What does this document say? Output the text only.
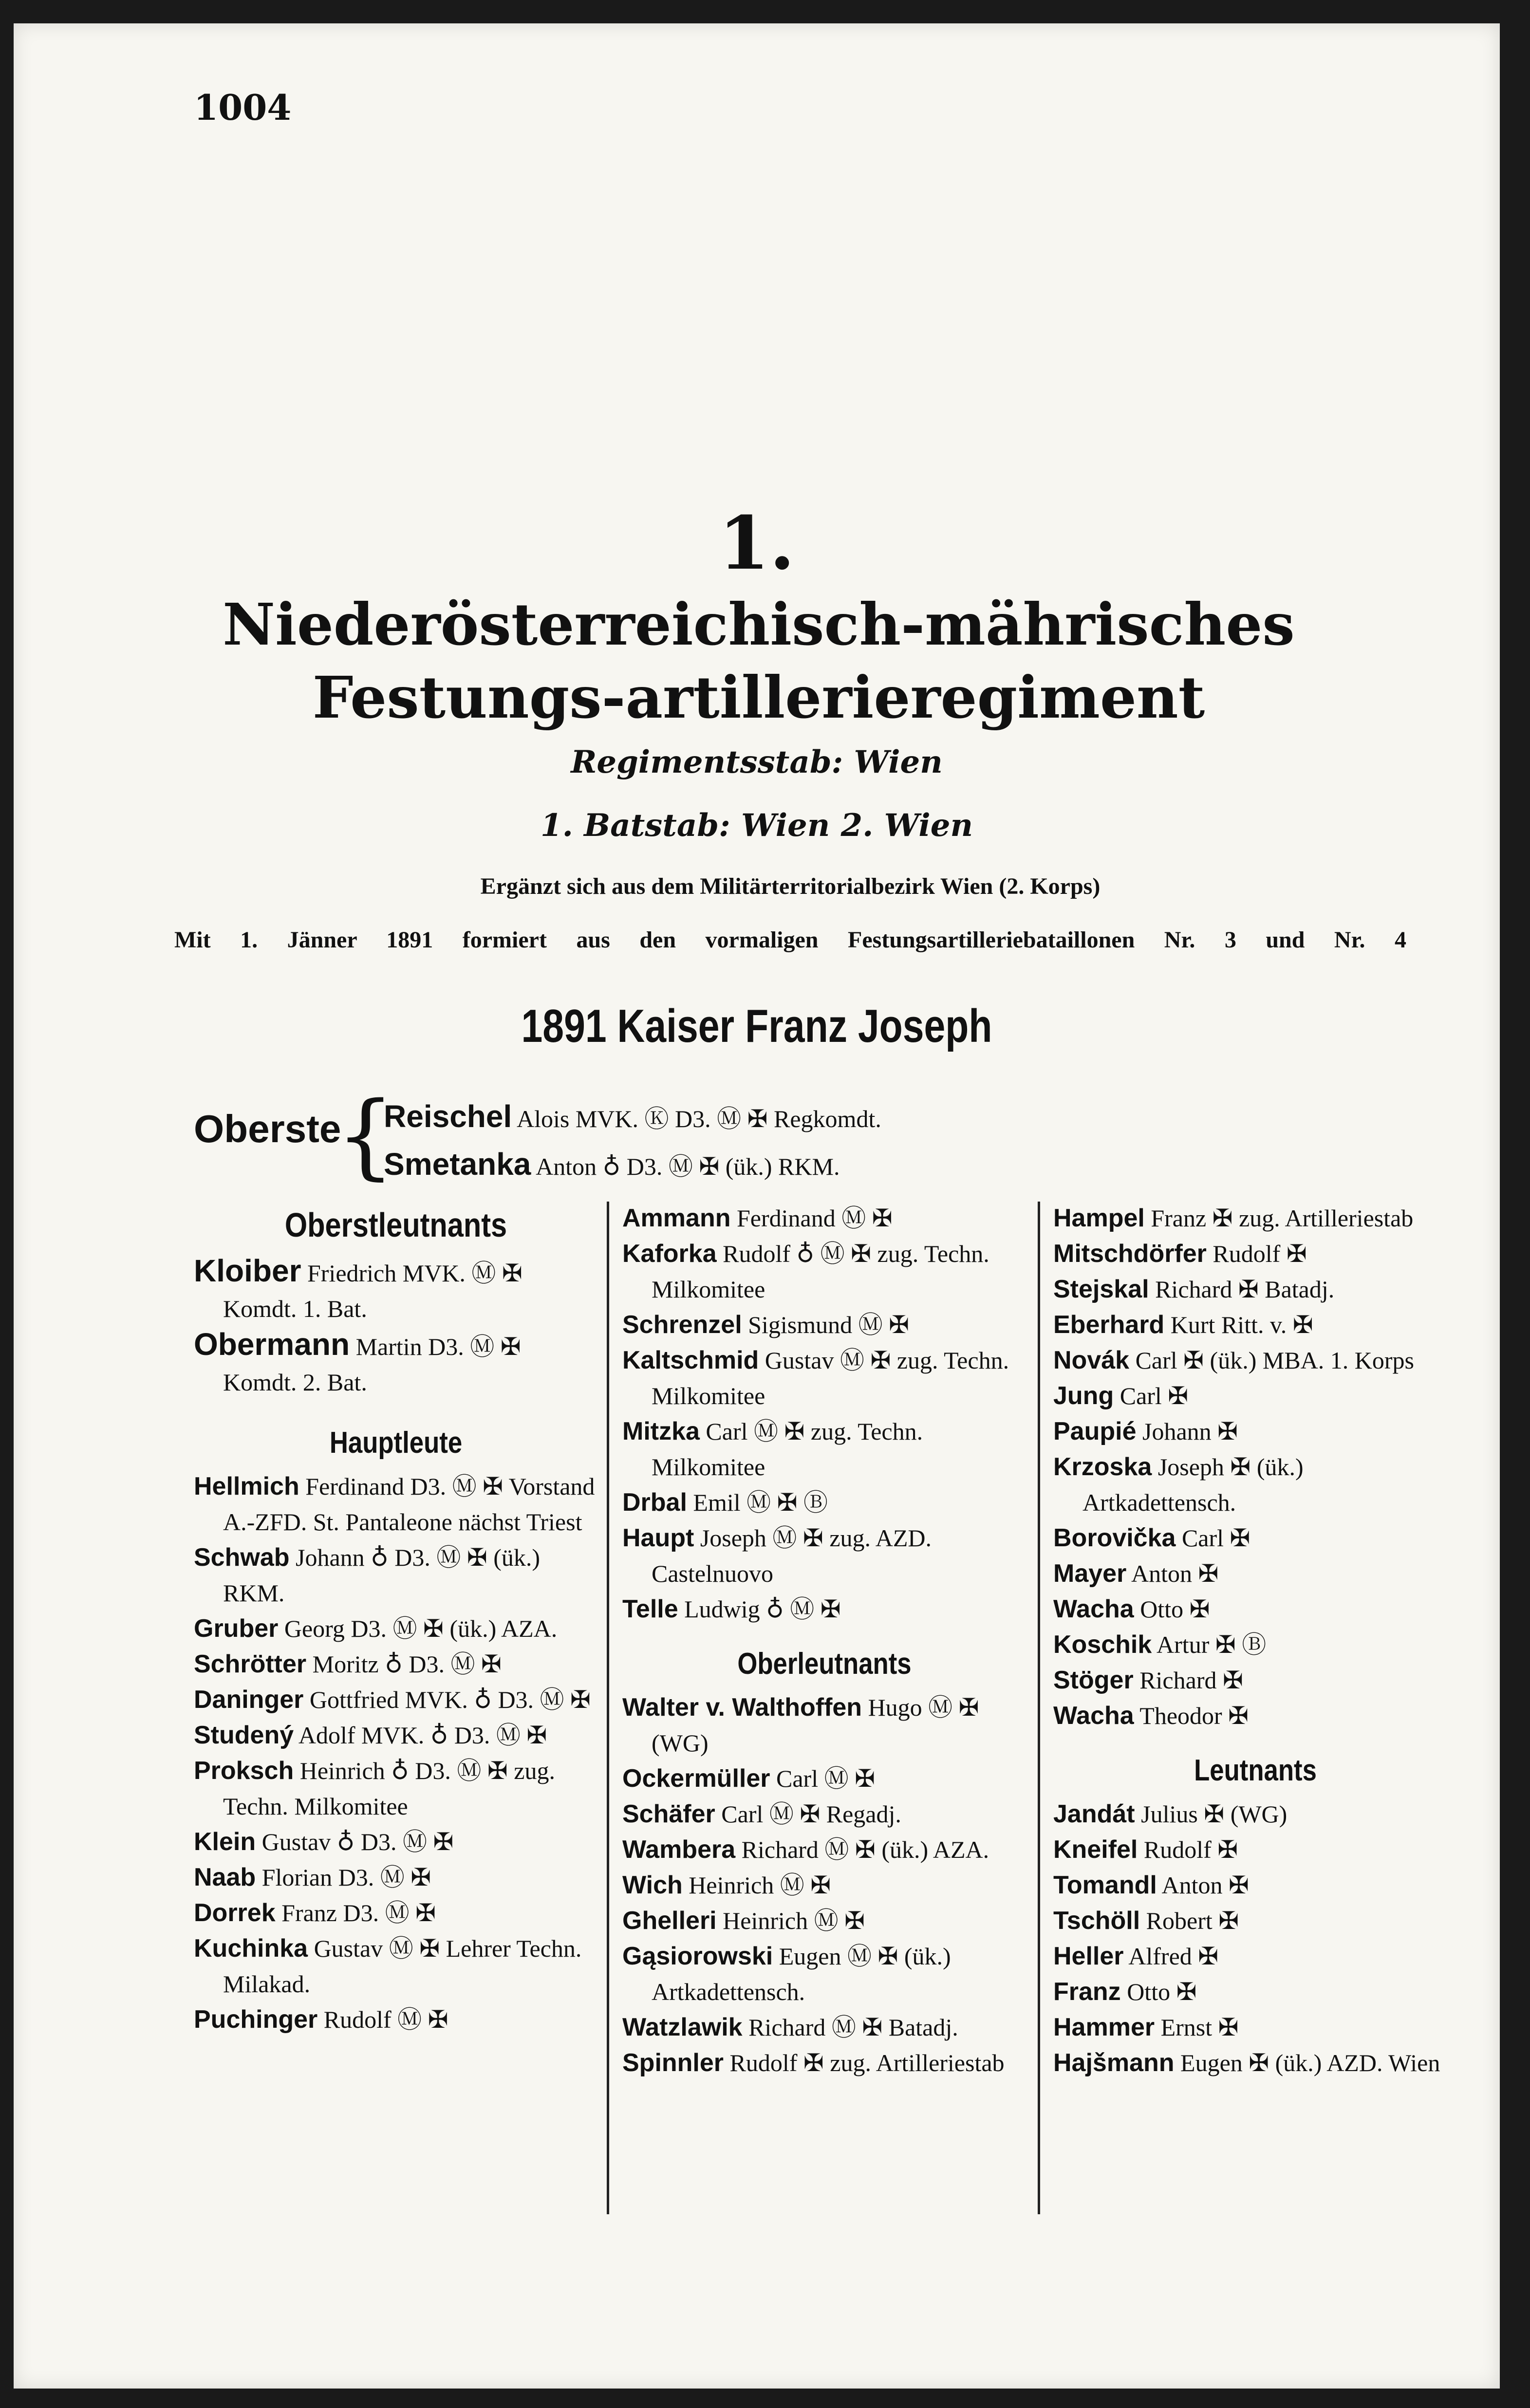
1004
1.
Niederösterreichisch-mährisches Festungs-artillerieregiment
Regimentsstab: Wien
1. Batstab: Wien 2. Wien
Ergänzt sich aus dem Militärterritorialbezirk Wien (2. Korps)
Mit 1. Jänner 1891 formiert aus den vormaligen Festungsartilleriebataillonen Nr. 3 und Nr. 4
1891 Kaiser Franz Joseph
Oberste
{
Reischel Alois MVK. Ⓚ D3. Ⓜ ✠ Regkomdt.
Smetanka Anton ♁ D3. Ⓜ ✠ (ük.) RKM.
Oberstleutnants
Kloiber Friedrich MVK. Ⓜ ✠ Komdt. 1. Bat.
Obermann Martin D3. Ⓜ ✠ Komdt. 2. Bat.
Hauptleute
Hellmich Ferdinand D3. Ⓜ ✠ Vorstand A.-ZFD. St. Pantaleone nächst Triest
Schwab Johann ♁ D3. Ⓜ ✠ (ük.) RKM.
Gruber Georg D3. Ⓜ ✠ (ük.) AZA.
Schrötter Moritz ♁ D3. Ⓜ ✠
Daninger Gottfried MVK. ♁ D3. Ⓜ ✠
Studený Adolf MVK. ♁ D3. Ⓜ ✠
Proksch Heinrich ♁ D3. Ⓜ ✠ zug. Techn. Milkomitee
Klein Gustav ♁ D3. Ⓜ ✠
Naab Florian D3. Ⓜ ✠
Dorrek Franz D3. Ⓜ ✠
Kuchinka Gustav Ⓜ ✠ Lehrer Techn. Milakad.
Puchinger Rudolf Ⓜ ✠
Ammann Ferdinand Ⓜ ✠
Kaforka Rudolf ♁ Ⓜ ✠ zug. Techn. Milkomitee
Schrenzel Sigismund Ⓜ ✠
Kaltschmid Gustav Ⓜ ✠ zug. Techn. Milkomitee
Mitzka Carl Ⓜ ✠ zug. Techn. Milkomitee
Drbal Emil Ⓜ ✠ Ⓑ
Haupt Joseph Ⓜ ✠ zug. AZD. Castelnuovo
Telle Ludwig ♁ Ⓜ ✠
Oberleutnants
Walter v. Walthoffen Hugo Ⓜ ✠ (WG)
Ockermüller Carl Ⓜ ✠
Schäfer Carl Ⓜ ✠ Regadj.
Wambera Richard Ⓜ ✠ (ük.) AZA.
Wich Heinrich Ⓜ ✠
Ghelleri Heinrich Ⓜ ✠
Gąsiorowski Eugen Ⓜ ✠ (ük.) Artkadettensch.
Watzlawik Richard Ⓜ ✠ Batadj.
Spinnler Rudolf ✠ zug. Artilleriestab
Hampel Franz ✠ zug. Artilleriestab
Mitschdörfer Rudolf ✠
Stejskal Richard ✠ Batadj.
Eberhard Kurt Ritt. v. ✠
Novák Carl ✠ (ük.) MBA. 1. Korps
Jung Carl ✠
Paupié Johann ✠
Krzoska Joseph ✠ (ük.) Artkadettensch.
Borovička Carl ✠
Mayer Anton ✠
Wacha Otto ✠
Koschik Artur ✠ Ⓑ
Stöger Richard ✠
Wacha Theodor ✠
Leutnants
Jandát Julius ✠ (WG)
Kneifel Rudolf ✠
Tomandl Anton ✠
Tschöll Robert ✠
Heller Alfred ✠
Franz Otto ✠
Hammer Ernst ✠
Hajšmann Eugen ✠ (ük.) AZD. Wien
